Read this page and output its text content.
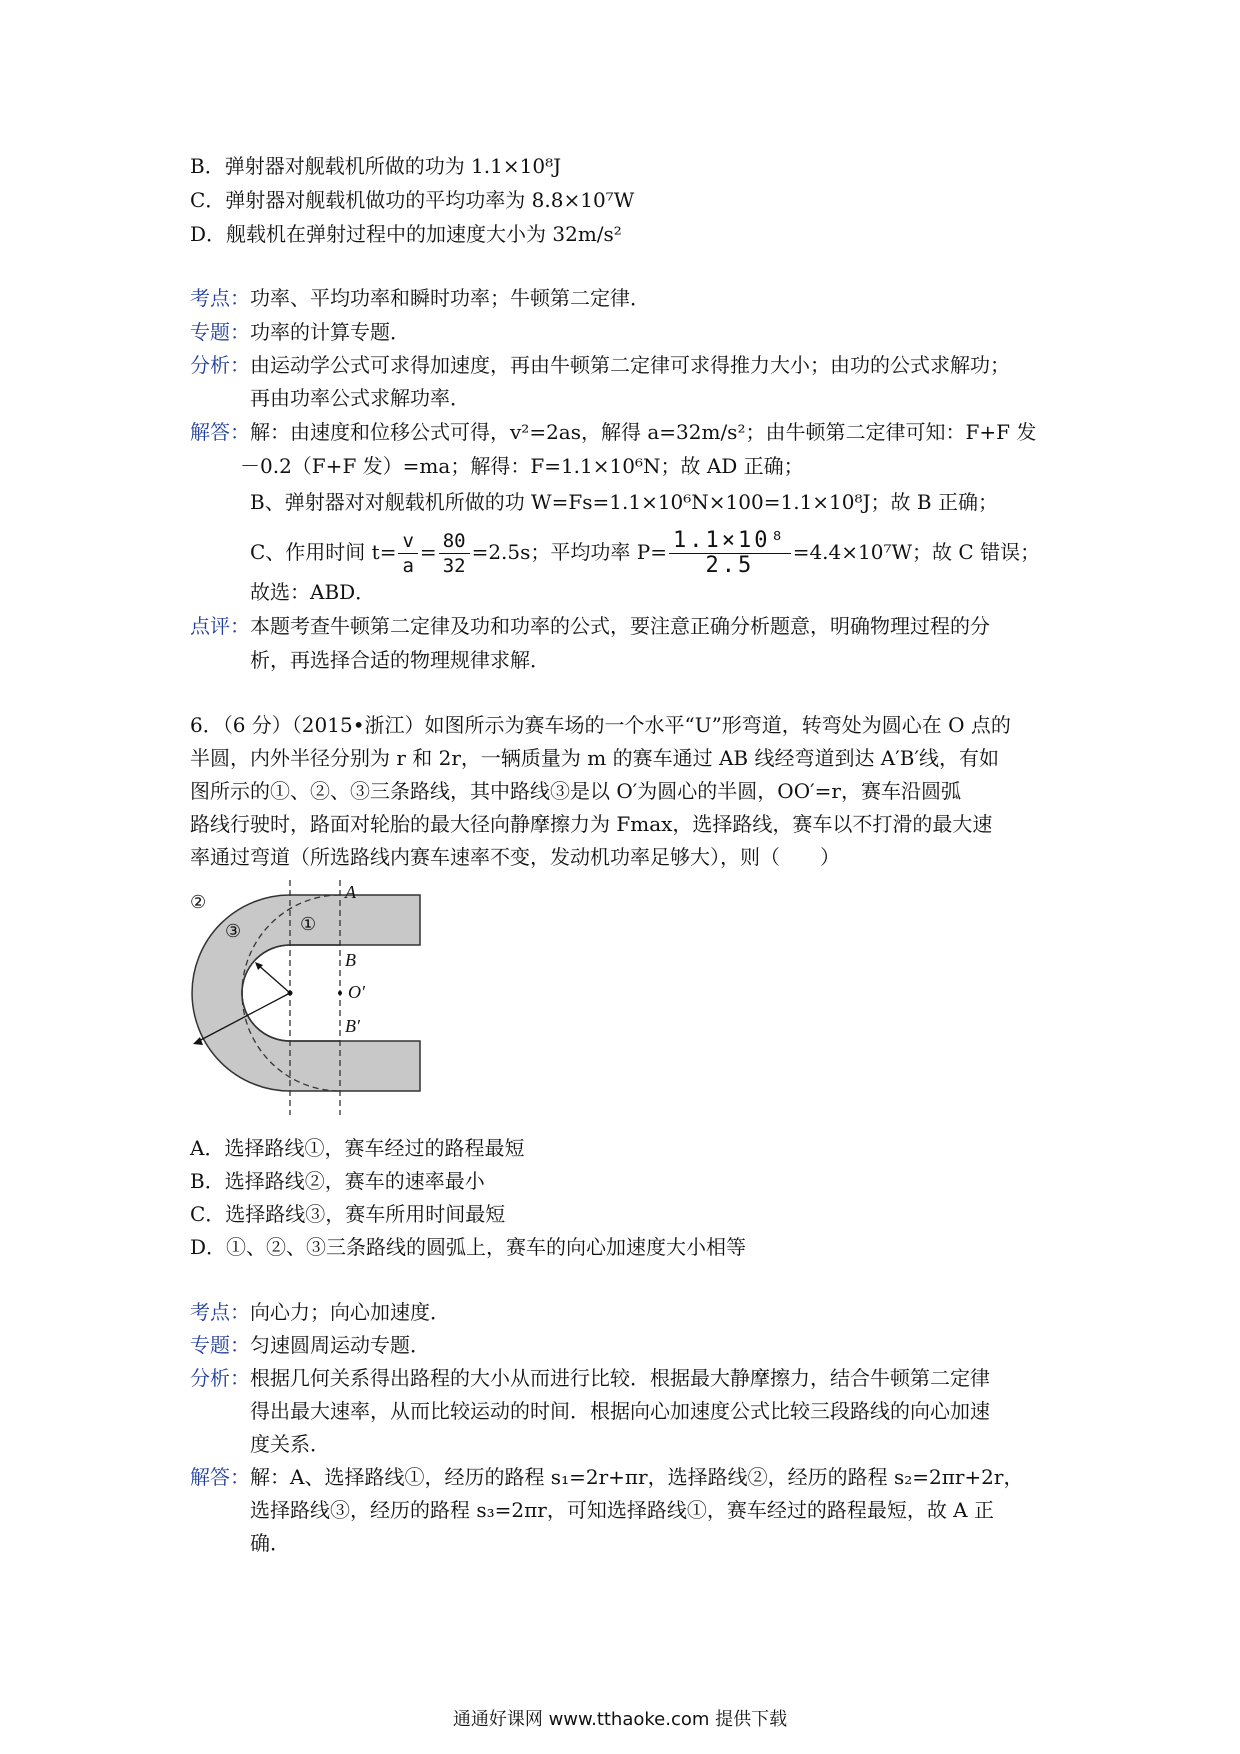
B．弹射器对舰载机所做的功为 1.1×10⁸J
C．弹射器对舰载机做功的平均功率为 8.8×10⁷W
D．舰载机在弹射过程中的加速度大小为 32m/s²
考点：功率、平均功率和瞬时功率；牛顿第二定律．
专题：功率的计算专题．
分析：由运动学公式可求得加速度，再由牛顿第二定律可求得推力大小；由功的公式求解功；
再由功率公式求解功率．
解答：解：由速度和位移公式可得，v²=2as，解得 a=32m/s²；由牛顿第二定律可知：F+F 发
－0.2（F+F 发）=ma；解得：F=1.1×10⁶N；故 AD 正确；
B、弹射器对对舰载机所做的功 W=Fs=1.1×10⁶N×100=1.1×10⁸J；故 B 正确；
C、作用时间 $t= \frac{v}{a} = \frac{80}{32} =2.5s$；平均功率 $P= \frac{\text{1.1×10⁸}}{2.5} =4.4\times 10^7W$；故 C 错误；
故选：ABD．
点评：本题考查牛顿第二定律及功和功率的公式，要注意正确分析题意，明确物理过程的分
析，再选择合适的物理规律求解．
6．（6 分）（2015•浙江）如图所示为赛车场的一个水平“U”形弯道，转弯处为圆心在 O 点的
半圆，内外半径分别为 r 和 2r，一辆质量为 m 的赛车通过 AB 线经弯道到达 A′B′线，有如
图所示的①、②、③三条路线，其中路线③是以 O′为圆心的半圆，OO′=r，赛车沿圆弧
路线行驶时，路面对轮胎的最大径向静摩擦力为 Fmax，选择路线，赛车以不打滑的最大速
率通过弯道（所选路线内赛车速率不变，发动机功率足够大），则（　　）
A
B
O′
B′
①
②
③
A．选择路线①，赛车经过的路程最短
B．选择路线②，赛车的速率最小
C．选择路线③，赛车所用时间最短
D．①、②、③三条路线的圆弧上，赛车的向心加速度大小相等
考点：向心力；向心加速度．
专题：匀速圆周运动专题．
分析：根据几何关系得出路程的大小从而进行比较．根据最大静摩擦力，结合牛顿第二定律
得出最大速率，从而比较运动的时间．根据向心加速度公式比较三段路线的向心加速
度关系．
解答：解：A、选择路线①，经历的路程 s₁=2r+πr，选择路线②，经历的路程 s₂=2πr+2r，
选择路线③，经历的路程 s₃=2πr，可知选择路线①，赛车经过的路程最短，故 A 正
确．
通通好课网 www.tthaoke.com 提供下载
